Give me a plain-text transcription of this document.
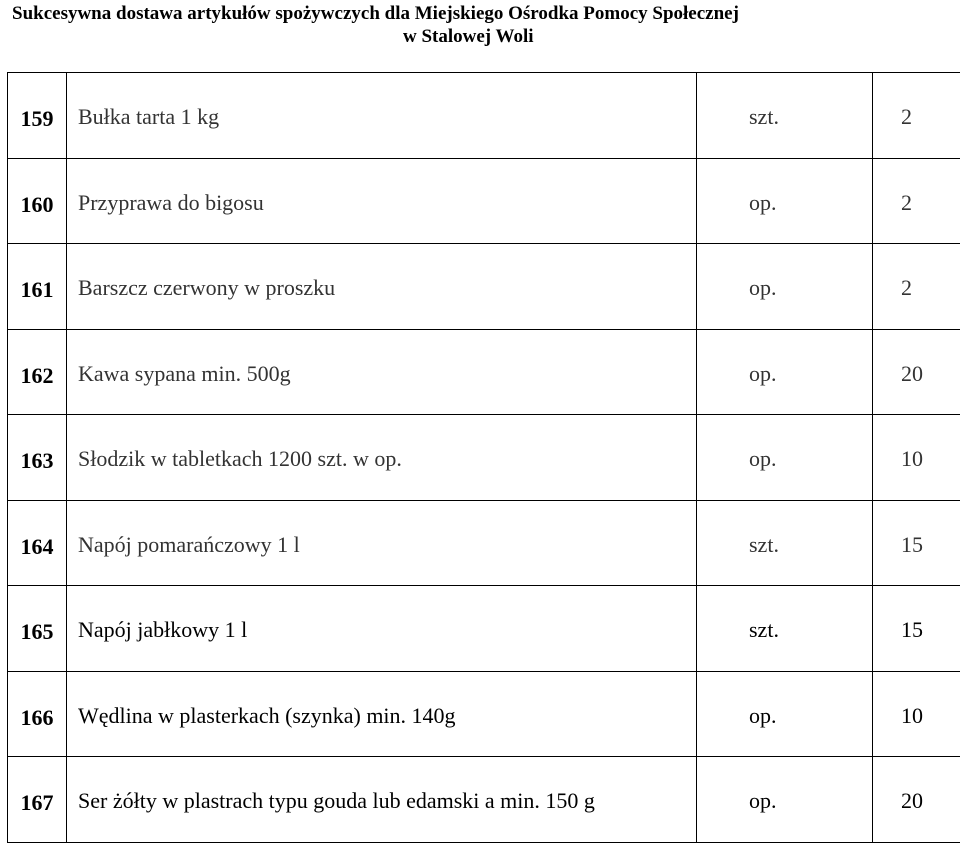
Sukcesywna dostawa artykułów spożywczych dla Miejskiego Ośrodka Pomocy Społecznej
w Stalowej Woli
159	Bułka tarta 1 kg	szt.	2
160	Przyprawa do bigosu	op.	2
161	Barszcz czerwony w proszku	op.	2
162	Kawa sypana min. 500g	op.	20
163	Słodzik w tabletkach 1200 szt. w op.	op.	10
164	Napój pomarańczowy 1 l	szt.	15
165	Napój jabłkowy 1 l	szt.	15
166	Wędlina w plasterkach (szynka) min. 140g	op.	10
167	Ser żółty w plastrach typu gouda lub edamski a min. 150 g	op.	20
